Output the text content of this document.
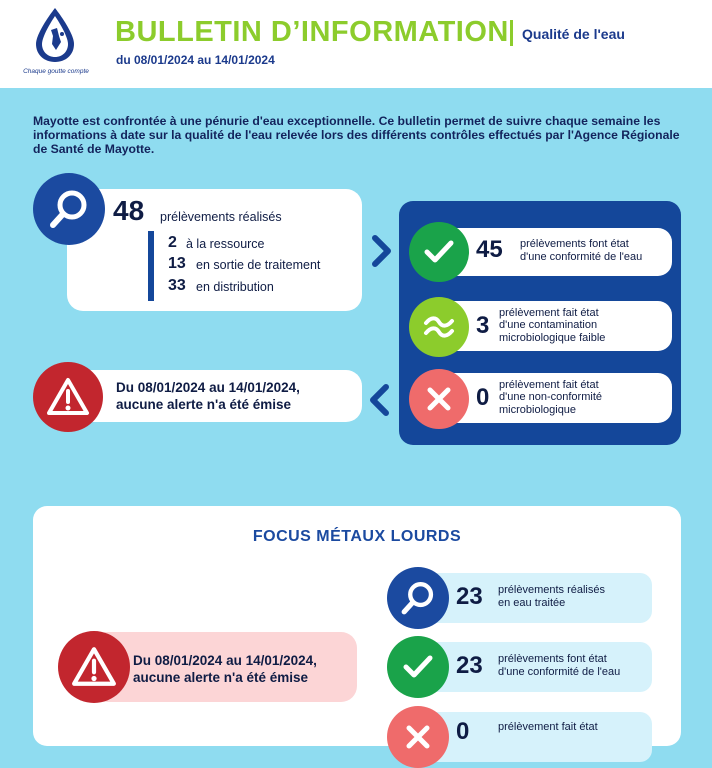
Chaque goutte compte
BULLETIN D’INFORMATION Qualité de l'eau
du 08/01/2024 au 14/01/2024
Mayotte est confrontée à une pénurie d'eau exceptionnelle. Ce bulletin permet de suivre chaque semaine les informations à date sur la qualité de l'eau relevée lors des différents contrôles effectués par l'Agence Régionale de Santé de Mayotte.
48 prélèvements réalisés
2 à la ressource
13 en sortie de traitement
33 en distribution
Du 08/01/2024 au 14/01/2024,
aucune alerte n'a été émise
45 prélèvements font état
d'une conformité de l'eau
3 prélèvement fait état
d'une contamination
microbiologique faible
0 prélèvement fait état
d'une non-conformité
microbiologique
FOCUS MÉTAUX LOURDS
Du 08/01/2024 au 14/01/2024,
aucune alerte n'a été émise
23 prélèvements réalisés
en eau traitée
23 prélèvements font état
d'une conformité de l'eau
0	prélèvement fait état
